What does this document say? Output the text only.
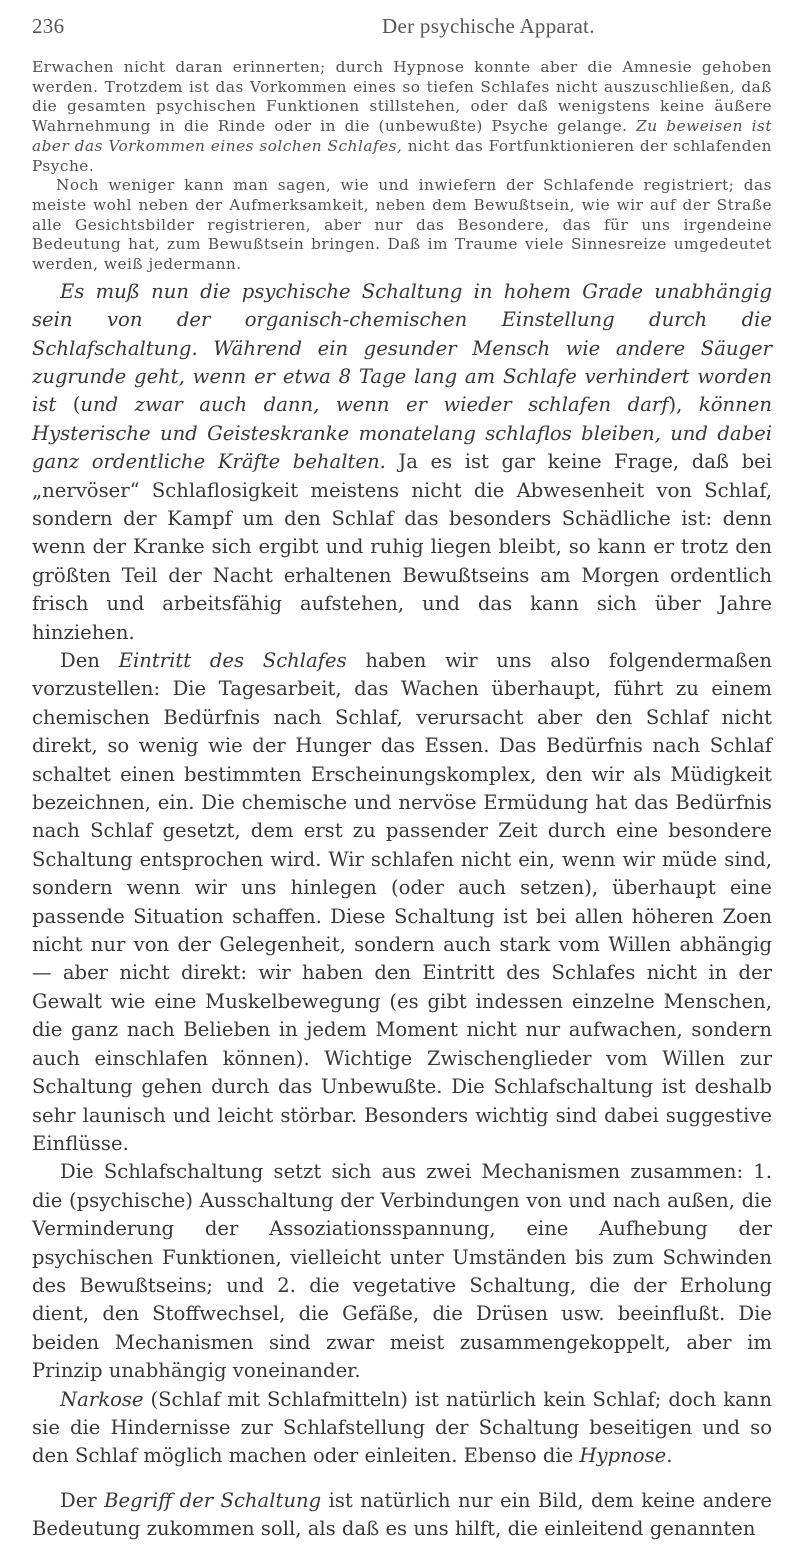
236	Der psychische Apparat.

Erwachen nicht daran erinnerten; durch Hypnose konnte aber die Amnesie gehoben werden. Trotzdem ist das Vorkommen eines so tiefen Schlafes nicht auszuschließen, daß die gesamten psychischen Funktionen stillstehen, oder daß wenigstens keine äußere Wahrnehmung in die Rinde oder in die (unbewußte) Psyche gelange. Zu beweisen ist aber das Vorkommen eines solchen Schlafes, nicht das Fortfunktionieren der schlafenden Psyche.

Noch weniger kann man sagen, wie und inwiefern der Schlafende registriert; das meiste wohl neben der Aufmerksamkeit, neben dem Bewußtsein, wie wir auf der Straße alle Gesichtsbilder registrieren, aber nur das Besondere, das für uns irgendeine Bedeutung hat, zum Bewußtsein bringen. Daß im Traume viele Sinnesreize umgedeutet werden, weiß jedermann.

Es muß nun die psychische Schaltung in hohem Grade unabhängig sein von der organisch-chemischen Einstellung durch die Schlafschaltung. Während ein gesunder Mensch wie andere Säuger zugrunde geht, wenn er etwa 8 Tage lang am Schlafe verhindert worden ist (und zwar auch dann, wenn er wieder schlafen darf), können Hysterische und Geisteskranke monatelang schlaflos bleiben, und dabei ganz ordentliche Kräfte behalten. Ja es ist gar keine Frage, daß bei „nervöser“ Schlaflosigkeit meistens nicht die Abwesenheit von Schlaf, sondern der Kampf um den Schlaf das besonders Schädliche ist: denn wenn der Kranke sich ergibt und ruhig liegen bleibt, so kann er trotz den größten Teil der Nacht erhaltenen Bewußtseins am Morgen ordentlich frisch und arbeitsfähig aufstehen, und das kann sich über Jahre hinziehen.

Den Eintritt des Schlafes haben wir uns also folgendermaßen vorzustellen: Die Tagesarbeit, das Wachen überhaupt, führt zu einem chemischen Bedürfnis nach Schlaf, verursacht aber den Schlaf nicht direkt, so wenig wie der Hunger das Essen. Das Bedürfnis nach Schlaf schaltet einen bestimmten Erscheinungskomplex, den wir als Müdigkeit bezeichnen, ein. Die chemische und nervöse Ermüdung hat das Bedürfnis nach Schlaf gesetzt, dem erst zu passender Zeit durch eine besondere Schaltung entsprochen wird. Wir schlafen nicht ein, wenn wir müde sind, sondern wenn wir uns hinlegen (oder auch setzen), überhaupt eine passende Situation schaffen. Diese Schaltung ist bei allen höheren Zoen nicht nur von der Gelegenheit, sondern auch stark vom Willen abhängig — aber nicht direkt: wir haben den Eintritt des Schlafes nicht in der Gewalt wie eine Muskelbewegung (es gibt indessen einzelne Menschen, die ganz nach Belieben in jedem Moment nicht nur aufwachen, sondern auch einschlafen können). Wichtige Zwischenglieder vom Willen zur Schaltung gehen durch das Unbewußte. Die Schlafschaltung ist deshalb sehr launisch und leicht störbar. Besonders wichtig sind dabei suggestive Einflüsse.

Die Schlafschaltung setzt sich aus zwei Mechanismen zusammen: 1. die (psychische) Ausschaltung der Verbindungen von und nach außen, die Verminderung der Assoziationsspannung, eine Aufhebung der psychischen Funktionen, vielleicht unter Umständen bis zum Schwinden des Bewußtseins; und 2. die vegetative Schaltung, die der Erholung dient, den Stoffwechsel, die Gefäße, die Drüsen usw. beeinflußt. Die beiden Mechanismen sind zwar meist zusammengekoppelt, aber im Prinzip unabhängig voneinander.

Narkose (Schlaf mit Schlafmitteln) ist natürlich kein Schlaf; doch kann sie die Hindernisse zur Schlafstellung der Schaltung beseitigen und so den Schlaf möglich machen oder einleiten. Ebenso die Hypnose.

Der Begriff der Schaltung ist natürlich nur ein Bild, dem keine andere Bedeutung zukommen soll, als daß es uns hilft, die einleitend genannten
